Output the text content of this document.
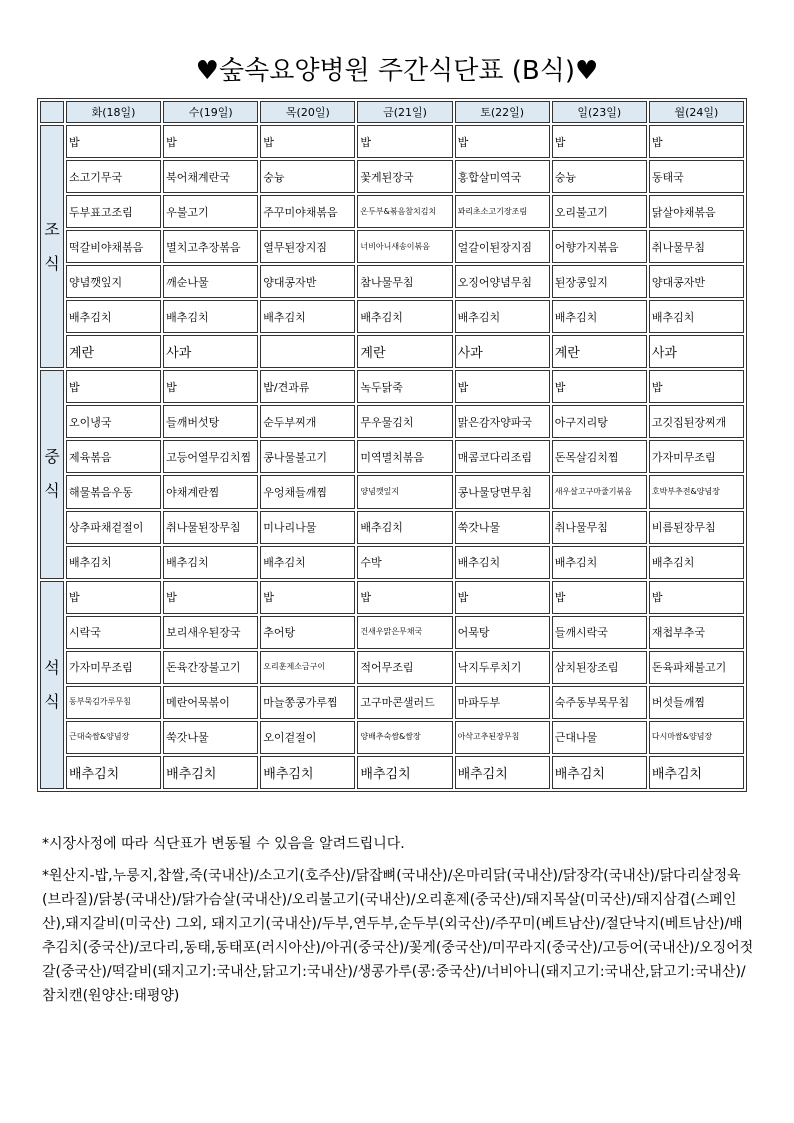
♥숲속요양병원 주간식단표 (B식)♥
	화(18일)	수(19일)	목(20일)	금(21일)	토(22일)	일(23일)	월(24일)
조
식	밥	밥	밥	밥	밥	밥	밥
	소고기무국	북어채계란국	숭늉	꽃게된장국	홍합살미역국	숭늉	동태국
	두부표고조림	우불고기	주꾸미야채볶음	온두부&볶음참치김치	꽈리초소고기장조림	오리불고기	닭살야채볶음
	떡갈비야채볶음	멸치고추장볶음	열무된장지짐	너비아니새송이볶음	얼갈이된장지짐	어향가지볶음	취나물무침
	양념깻잎지	깨순나물	양대콩자반	참나물무침	오징어양념무침	된장콩잎지	양대콩자반
	배추김치	배추김치	배추김치	배추김치	배추김치	배추김치	배추김치
	계란	사과		계란	사과	계란	사과
중
식	밥	밥	밥/견과류	녹두닭죽	밥	밥	밥
	오이냉국	들깨버섯탕	순두부찌개	무우물김치	맑은감자양파국	아구지리탕	고깃집된장찌개
	제육볶음	고등어열무김치찜	콩나물불고기	미역멸치볶음	매콤코다리조림	돈목살김치찜	가자미무조림
	해물볶음우동	야채계란찜	우엉채들깨찜	양념깻잎지	콩나물당면무침	새우살고구마줄기볶음	호박부추전&양념장
	상추파채겉절이	취나물된장무침	미나리나물	배추김치	쑥갓나물	취나물무침	비름된장무침
	배추김치	배추김치	배추김치	수박	배추김치	배추김치	배추김치
석
식	밥	밥	밥	밥	밥	밥	밥
	시락국	보리새우된장국	추어탕	건새우맑은무채국	어묵탕	들깨시락국	재첩부추국
	가자미무조림	돈육간장불고기	오리훈제소금구이	적어무조림	낙지두루치기	삼치된장조림	돈육파채불고기
	동부묵김가루무침	메란어묵볶이	마늘쫑콩가루찜	고구마콘샐러드	마파두부	숙주동부묵무침	버섯들깨찜
	근대숙쌈&양념장	쑥갓나물	오이겉절이	양배추숙쌈&쌈장	아삭고추된장무침	근대나물	다시마쌈&양념장
	배추김치	배추김치	배추김치	배추김치	배추김치	배추김치	배추김치

*시장사정에 따라 식단표가 변동될 수 있음을 알려드립니다.

*원산지-밥,누룽지,찹쌀,죽(국내산)/소고기(호주산)/닭잡뼈(국내산)/온마리닭(국내산)/닭장각(국내산)/닭다리살정육(브라질)/닭봉(국내산)/닭가슴살(국내산)/오리불고기(국내산)/오리훈제(중국산)/돼지목살(미국산)/돼지삼겹(스페인산),돼지갈비(미국산) 그외, 돼지고기(국내산)/두부,연두부,순두부(외국산)/주꾸미(베트남산)/절단낙지(베트남산)/배추김치(중국산)/코다리,동태,동태포(러시아산)/아귀(중국산)/꽃게(중국산)/미꾸라지(중국산)/고등어(국내산)/오징어젓갈(중국산)/떡갈비(돼지고기:국내산,닭고기:국내산)/생콩가루(콩:중국산)/너비아니(돼지고기:국내산,닭고기:국내산)/참치캔(원양산:태평양)
